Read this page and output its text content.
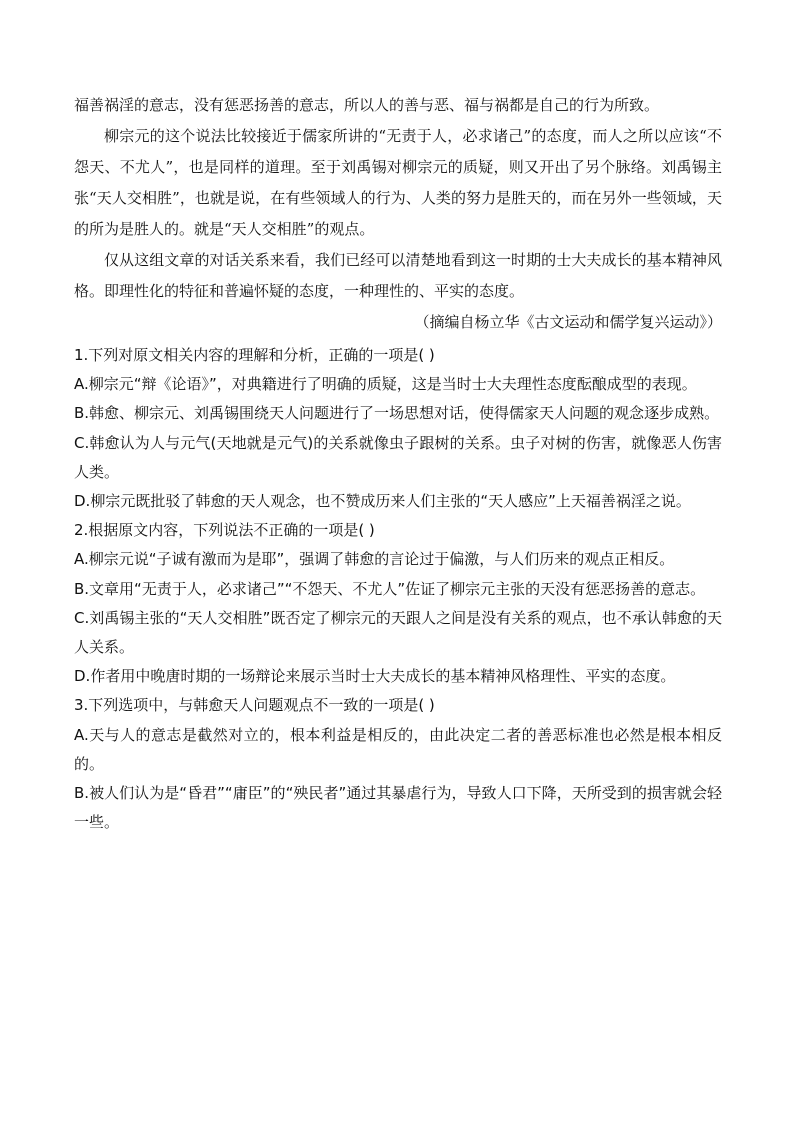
福善祸淫的意志，没有惩恶扬善的意志，所以人的善与恶、福与祸都是自己的行为所致。

柳宗元的这个说法比较接近于儒家所讲的“无责于人，必求诸己”的态度，而人之所以应该“不怨天、不尤人”，也是同样的道理。至于刘禹锡对柳宗元的质疑，则又开出了另个脉络。刘禹锡主张“天人交相胜”，也就是说，在有些领域人的行为、人类的努力是胜天的，而在另外一些领域，天的所为是胜人的。就是“天人交相胜”的观点。

仅从这组文章的对话关系来看，我们已经可以清楚地看到这一时期的士大夫成长的基本精神风格。即理性化的特征和普遍怀疑的态度，一种理性的、平实的态度。

（摘编自杨立华《古文运动和儒学复兴运动》）

1.下列对原文相关内容的理解和分析，正确的一项是( )

A.柳宗元“辩《论语》”，对典籍进行了明确的质疑，这是当时士大夫理性态度酝酿成型的表现。

B.韩愈、柳宗元、刘禹锡围绕天人问题进行了一场思想对话，使得儒家天人问题的观念逐步成熟。

C.韩愈认为人与元气(天地就是元气)的关系就像虫子跟树的关系。虫子对树的伤害，就像恶人伤害人类。

D.柳宗元既批驳了韩愈的天人观念，也不赞成历来人们主张的“天人感应”上天福善祸淫之说。

2.根据原文内容，下列说法不正确的一项是( )

A.柳宗元说“子诚有激而为是耶”，强调了韩愈的言论过于偏激，与人们历来的观点正相反。

B.文章用“无责于人，必求诸己”“不怨天、不尤人”佐证了柳宗元主张的天没有惩恶扬善的意志。

C.刘禹锡主张的“天人交相胜”既否定了柳宗元的天跟人之间是没有关系的观点，也不承认韩愈的天人关系。

D.作者用中晚唐时期的一场辩论来展示当时士大夫成长的基本精神风格理性、平实的态度。

3.下列选项中，与韩愈天人问题观点不一致的一项是( )

A.天与人的意志是截然对立的，根本利益是相反的，由此决定二者的善恶标准也必然是根本相反的。

B.被人们认为是“昏君”“庸臣”的“殃民者”通过其暴虐行为，导致人口下降，天所受到的损害就会轻一些。
